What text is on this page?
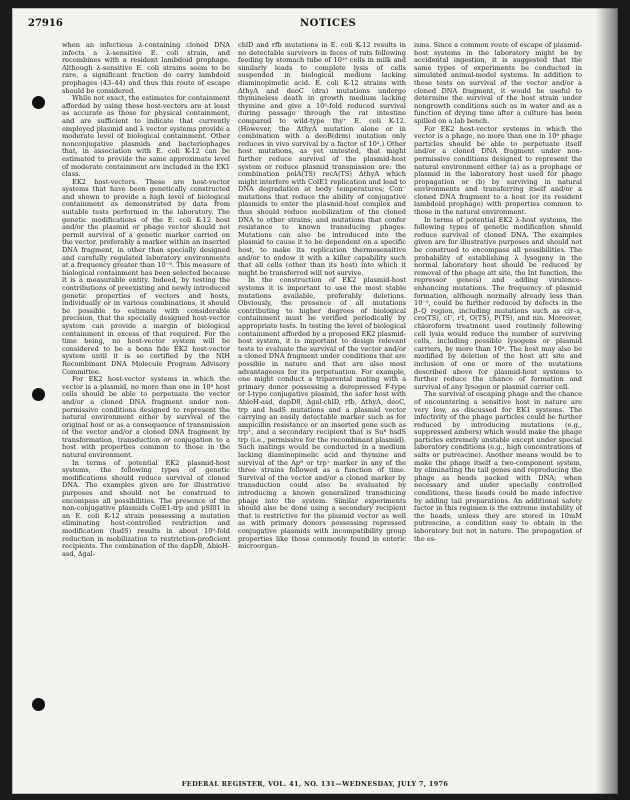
27916	NOTICES

when an infectious λ-containing cloned DNA infects a λ-sensitive E. coli strain, and recombines with a resident lambdoid prophage. Although λ-sensitive E. coli strains seem to be rare, a significant fraction do carry lambdoid prophages (43–44) and thus this route of escape should be considered.

While not exact, the estimates for containment afforded by using these host-vectors are at least as accurate as those for physical containment, and are sufficient to indicate that currently employed plasmid and λ vector systems provide a moderate level of biological containment. Other nonconjugative plasmids and bacteriophages that, in association with E. coli K-12 can be estimated to provide the same approximate level of moderate containment are included in the EK1 class.

EK2 host-vectors. These are host-vector systems that have been genetically constructed and shown to provide a high level of biological containment as demonstrated by data from suitable tests performed in the laboratory. The genetic modifications of the E. coli K-12 host and/or the plasmid or phage vector should not permit survival of a genetic marker carried on the vector, preferably a marker within an inserted DNA fragment, in other than specially designed and carefully regulated laboratory environments at a frequency greater than 10⁻⁸. This measure of biological containment has been selected because it is a measurable entity. Indeed, by testing the contributions of preexisting and newly introduced genetic properties of vectors and hosts, individually or in various combinations, it should be possible to estimate with considerable precision, that the specially designed host-vector system can provide a margin of biological containment in excess of that required. For the time being, no host-vector system will be considered to be a bona fide EK2 host-vector system until it is so certified by the NIH Recombinant DNA Molecule Program Advisory Committee.

For EK2 host-vector systems in which the vector is a plasmid, no more than one in 10⁸ host cells should be able to perpetuate the vector and/or a cloned DNA fragment under non-permissive conditions designed to represent the natural environment either by survival of the original host or as a consequence of transmission of the vector and/or a cloned DNA fragment by transformation, transduction or conjugation to a host with properties common to those in the natural environment.

In terms of potential EK2 plasmid-host systems, the following types of genetic modifications should reduce survival of cloned DNA. The examples given are for illustrative purposes and should not be construed to encompass all possibilities. The presence of the non-conjugative plasmids ColE1-trp and pSI01 in an E. coli K-12 strain possessing a mutation eliminating host-controlled restriction and modification (hsdS) results in about 10⁹-fold reduction in mobilization to restriction-proficient recipients. The combination of the dapD8, ΔbioH-asd, Δgal-

chlD and rfb mutations in E. coli K-12 results in no detectable survivors in feces of rats following feeding by stomach tube of 10¹⁰ cells in milk and similarly leads to complete lysis of cells suspended in biological medium lacking diaminopimelic acid. E. coli K-12 strains with ΔthyA and deoC (dra) mutations undergo thymineless death in growth medium lacking thymine and give a 10⁵-fold reduced survival during passage through the rat intestine compared to wild-type thy⁺ E. coli K-12. (However, the ΔthyA mutation alone or in combination with a deoB(drm) mutation only reduces in vivo survival by a factor of 10².) Other host mutations, as yet untested, that might further reduce survival of the plasmid-host system or reduce plasmid transmission are: the combination polA(TS) recA(TS) ΔthyA which might interfere with ColE1 replication and lead to DNA degradation at body temperatures; Con⁻ mutations that reduce the ability of conjugative plasmids to enter the plasmid-host complex and thus should reduce mobilization of the cloned DNA to other strains; and mutations that confer resistance to known transducing phages. Mutations can also be introduced into the plasmid to cause it to be dependent on a specific host, to make its replication thermosensitive and/or to endow it with a killer capability such that all cells (other than its host) into which it might be transferred will not survive.

In the construction of EK2 plasmid-host systems it is important to use the most stable mutations available, preferably deletions. Obviously, the presence of all mutations contributing to higher degrees of biological containment must be verified periodically by appropriate tests. In testing the level of biological containment afforded by a proposed EK2 plasmid-host system, it is important to design relevant tests to evaluate the survival of the vector and/or a cloned DNA fragment under conditions that are possible in nature and that are also most advantageous for its perpetuation. For example, one might conduct a triparental mating with a primary donor possessing a derepressed F-type or I-type conjugative plasmid, the safer host with ΔbioH-asd, dapD8, Δgal-chlD, rfb, ΔthyA, deoC, trp and hsdS mutations and a plasmid vector carrying an easily detectable marker such as for ampicillin resistance or an inserted gene such as trp⁺, and a secondary recipient that is Suᴿ hsdS trp (i.e., permissive for the recombinant plasmid). Such matings would be conducted in a medium lacking diaminopimelic acid and thymine and survival of the Apᴿ or trp⁺ marker in any of the three strains followed as a function of time. Survival of the vector and/or a cloned marker by transduction could also be evaluated by introducing a known generalized transducing phage into the system. Similar experiments should also be done using a secondary recipient that is restrictive for the plasmid vector as well as with primary donors possessing repressed conjugative plasmids with incompatibility group properties like those commonly found in enteric microorgan-

isms. Since a common route of escape of plasmid-host systems in the laboratory might be by accidental ingestion, it is suggested that the same types of experiments be conducted in simulated animal-model systems. In addition to these tests on survival of the vector and/or a cloned DNA fragment, it would be useful to determine the survival of the host strain under nongrowth conditions such as in water and as a function of drying time after a culture has been spilled on a lab bench.

For EK2 host-vector systems in which the vector is a phage, no more than one in 10⁸ phage particles should be able to perpetuate itself and/or a cloned DNA fragment under non-permissive conditions designed to represent the natural environment either (a) as a prophage or plasmid in the laboratory host used for phage propagation or (b) by surviving in natural environments and transferring itself and/or a cloned DNA fragment to a host (or its resident lambdoid prophage) with properties common to those in the natural environment.

In terms of potential EK2 λ-host systems, the following types of genetic modification should reduce survival of cloned DNA. The examples given are for illustrative purposes and should not be construed to encompass all possibilities. The probability of establishing λ lysogeny in the normal laboratory host should be reduced by removal of the phage att site, the Int function, the repressor gene(s) and adding virulence-enhancing mutations. The frequency of plasmid formation, although normally already less than 10⁻⁵, could be further reduced by defects in the β–Q region, including mutations such as cir–s, cro(TS), cI⁷, r1, O(TS), P(TS), and nin. Moreover, chloroform treatment used routinely following cell lysis would reduce the number of surviving cells, including possible lysogens or plasmid carriers, by more than 10⁸. The host may also be modified by deletion of the host att site and inclusion of one or more of the mutations described above for plasmid-host systems to further reduce the chance of formation and survival of any lysogen or plasmid carrier cell.

The survival of escaping phage and the chance of encountering a sensitive host in nature are very low, as discussed for EK1 systems. The infectivity of the phage particles could be further reduced by introducing mutations (e.g., suppressed ambers) which would make the phage particles extremely unstable except under special laboratory conditions (e.g., high concentrations of salts or putrescine). Another means would be to make the phage itself a two-component system, by eliminating the tail genes and reproducing the phage as heads packed with DNA; when necessary and under specially controlled conditions, these heads could be made infective by adding tail preparations. An additional safety factor in this regimen is the extreme instability of the heads, unless they are stored in 10mM putrescine, a condition easy to obtain in the laboratory but not in nature. The propagation of the es-

FEDERAL REGISTER, VOL. 41, NO. 131—WEDNESDAY, JULY 7, 1976
